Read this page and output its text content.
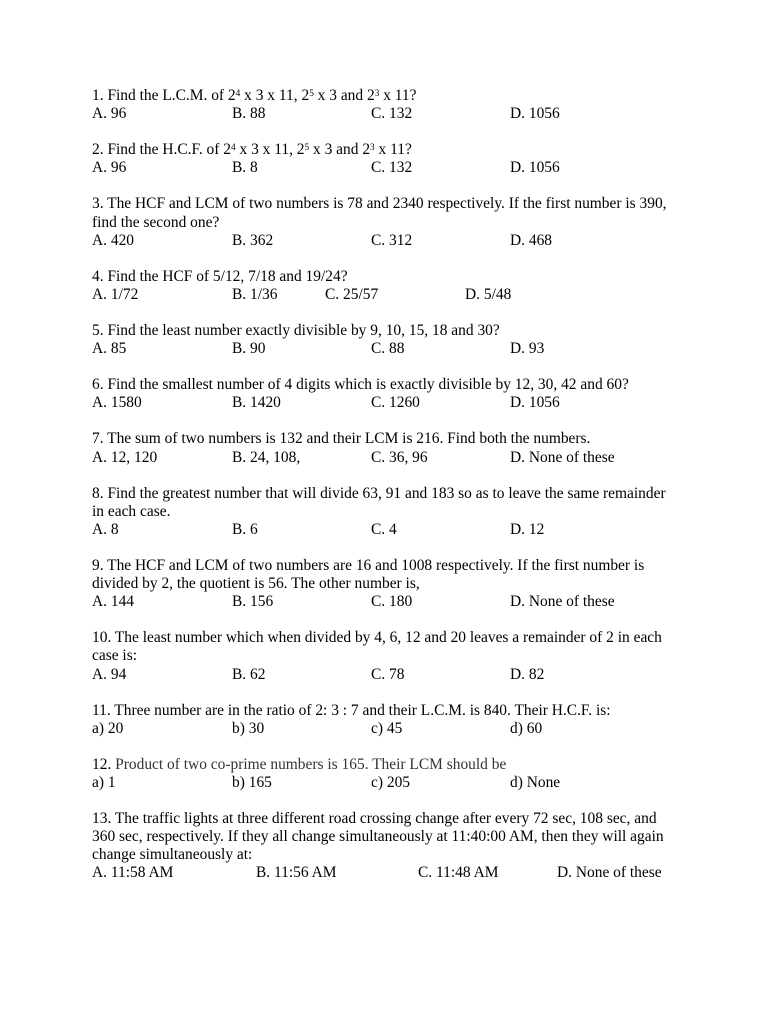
1. Find the L.C.M. of $2^4$ x 3 x 11, $2^5$ x 3 and $2^3$ x 11?
A. 96	B. 88	C. 132	D. 1056
2. Find the H.C.F. of $2^4$ x 3 x 11, $2^5$ x 3 and $2^3$ x 11?
A. 96	B. 8	C. 132	D. 1056
3. The HCF and LCM of two numbers is 78 and 2340 respectively. If the first number is 390,
find the second one?
A. 420	B. 362	C. 312	D. 468
4. Find the HCF of 5/12, 7/18 and 19/24?
A. 1/72	B. 1/36	C. 25/57	D. 5/48
5. Find the least number exactly divisible by 9, 10, 15, 18 and 30?
A. 85	B. 90	C. 88	D. 93
6. Find the smallest number of 4 digits which is exactly divisible by 12, 30, 42 and 60?
A. 1580	B. 1420	C. 1260	D. 1056
7. The sum of two numbers is 132 and their LCM is 216. Find both the numbers.
A. 12, 120	B. 24, 108,	C. 36, 96	D. None of these
8. Find the greatest number that will divide 63, 91 and 183 so as to leave the same remainder
in each case.
A. 8	B. 6	C. 4	D. 12
9. The HCF and LCM of two numbers are 16 and 1008 respectively. If the first number is
divided by 2, the quotient is 56. The other number is,
A. 144	B. 156	C. 180	D. None of these
10. The least number which when divided by 4, 6, 12 and 20 leaves a remainder of 2 in each
case is:
A. 94	B. 62	C. 78	D. 82
11. Three number are in the ratio of 2: 3 : 7 and their L.C.M. is 840. Their H.C.F. is:
a) 20	b) 30	c) 45	d) 60
12. Product of two co-prime numbers is 165. Their LCM should be
a) 1	b) 165	c) 205	d) None
13. The traffic lights at three different road crossing change after every 72 sec, 108 sec, and
360 sec, respectively. If they all change simultaneously at 11:40:00 AM, then they will again
change simultaneously at:
A. 11:58 AM	B. 11:56 AM	C. 11:48 AM	D. None of these
